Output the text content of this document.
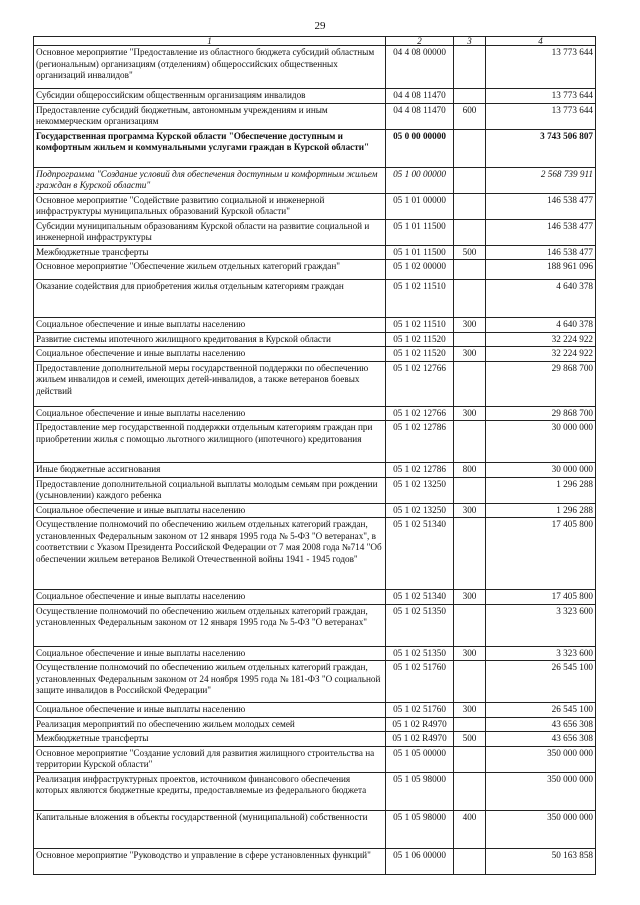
29
1	2	3	4
Основное мероприятие "Предоставление из областного бюджета субсидий областным (региональным) организациям (отделениям) общероссийских общественных организаций инвалидов"	04 4 08 00000		13 773 644
Субсидии общероссийским общественным организациям инвалидов	04 4 08 11470		13 773 644
Предоставление субсидий бюджетным, автономным учреждениям и иным некоммерческим организациям	04 4 08 11470	600	13 773 644
Государственная программа Курской области "Обеспечение доступным и комфортным жильем и коммунальными услугами граждан в Курской области"	05 0 00 00000		3 743 506 807
Подпрограмма "Создание условий для обеспечения доступным и комфортным жильем граждан в Курской области"	05 1 00 00000		2 568 739 911
Основное мероприятие "Содействие развитию социальной и инженерной инфраструктуры муниципальных образований Курской области"	05 1 01 00000		146 538 477
Субсидии муниципальным образованиям Курской области на развитие социальной и инженерной инфраструктуры	05 1 01 11500		146 538 477
Межбюджетные трансферты	05 1 01 11500	500	146 538 477
Основное мероприятие "Обеспечение жильем отдельных категорий граждан"	05 1 02 00000		188 961 096
Оказание содействия для приобретения жилья отдельным категориям граждан	05 1 02 11510		4 640 378
Социальное обеспечение и иные выплаты населению	05 1 02 11510	300	4 640 378
Развитие системы ипотечного жилищного кредитования в Курской области	05 1 02 11520		32 224 922
Социальное обеспечение и иные выплаты населению	05 1 02 11520	300	32 224 922
Предоставление дополнительной меры государственной поддержки по обеспечению жильем инвалидов и семей, имеющих детей-инвалидов, а также ветеранов боевых действий	05 1 02 12766		29 868 700
Социальное обеспечение и иные выплаты населению	05 1 02 12766	300	29 868 700
Предоставление мер государственной поддержки отдельным категориям граждан при приобретении жилья с помощью льготного жилищного (ипотечного) кредитования	05 1 02 12786		30 000 000
Иные бюджетные ассигнования	05 1 02 12786	800	30 000 000
Предоставление дополнительной социальной выплаты молодым семьям при рождении (усыновлении) каждого ребенка	05 1 02 13250		1 296 288
Социальное обеспечение и иные выплаты населению	05 1 02 13250	300	1 296 288
Осуществление полномочий по обеспечению жильем отдельных категорий граждан, установленных Федеральным законом от 12 января 1995 года № 5-ФЗ "О ветеранах", в соответствии с Указом Президента Российской Федерации от 7 мая 2008 года №714 "Об обеспечении жильем ветеранов Великой Отечественной войны 1941 - 1945 годов"	05 1 02 51340		17 405 800
Социальное обеспечение и иные выплаты населению	05 1 02 51340	300	17 405 800
Осуществление полномочий по обеспечению жильем отдельных категорий граждан, установленных Федеральным законом от 12 января 1995 года № 5-ФЗ "О ветеранах"	05 1 02 51350		3 323 600
Социальное обеспечение и иные выплаты населению	05 1 02 51350	300	3 323 600
Осуществление полномочий по обеспечению жильем отдельных категорий граждан, установленных Федеральным законом от 24 ноября 1995 года № 181-ФЗ "О социальной защите инвалидов в Российской Федерации"	05 1 02 51760		26 545 100
Социальное обеспечение и иные выплаты населению	05 1 02 51760	300	26 545 100
Реализация мероприятий по обеспечению жильем молодых семей	05 1 02 R4970		43 656 308
Межбюджетные трансферты	05 1 02 R4970	500	43 656 308
Основное мероприятие "Создание условий для развития жилищного строительства на территории Курской области"	05 1 05 00000		350 000 000
Реализация инфраструктурных проектов, источником финансового обеспечения которых являются бюджетные кредиты, предоставляемые из федерального бюджета	05 1 05 98000		350 000 000
Капитальные вложения в объекты государственной (муниципальной) собственности	05 1 05 98000	400	350 000 000
Основное мероприятие "Руководство и управление в сфере установленных функций"	05 1 06 00000		50 163 858
